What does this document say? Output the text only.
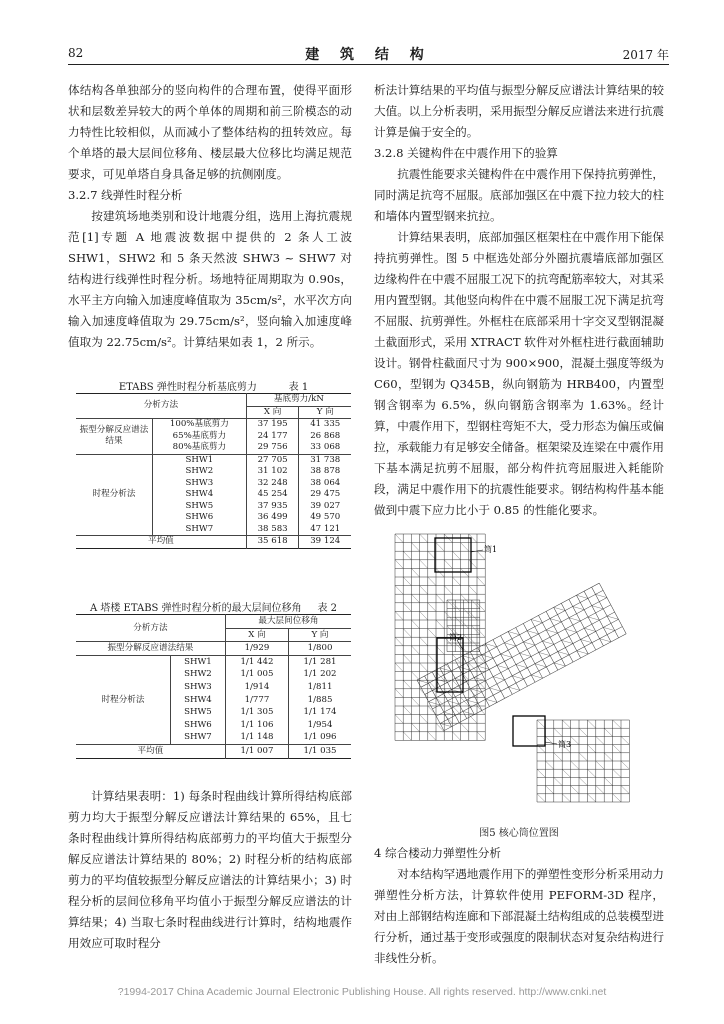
82	建 筑 结 构	2017 年

体结构各单独部分的竖向构件的合理布置，使得平面形状和层数差异较大的两个单体的周期和前三阶模态的动力特性比较相似，从而减小了整体结构的扭转效应。每个单塔的最大层间位移角、楼层最大位移比均满足规范要求，可见单塔自身具备足够的抗侧刚度。

3.2.7 线弹性时程分析

按建筑场地类别和设计地震分组，选用上海抗震规范[1]专题 A 地震波数据中提供的 2 条人工波 SHW1，SHW2 和 5 条天然波 SHW3 ~ SHW7 对结构进行线弹性时程分析。场地特征周期取为 0.90s，水平主方向输入加速度峰值取为 35cm/s²，水平次方向输入加速度峰值取为 29.75cm/s²，竖向输入加速度峰值取为 22.75cm/s²。计算结果如表 1，2 所示。

ETABS 弹性时程分析基底剪力	表 1

分析方法		基底剪力/kN	
		X 向	Y 向
振型分解反应谱法结果	100%基底剪力	37 195	41 335
	65%基底剪力	24 177	26 868
	80%基底剪力	29 756	33 068
时程分析法	SHW1	27 705	31 738
	SHW2	31 102	38 878
	SHW3	32 248	38 064
	SHW4	45 254	29 475
	SHW5	37 935	39 027
	SHW6	36 499	49 570
	SHW7	38 583	47 121
平均值		35 618	39 124

A 塔楼 ETABS 弹性时程分析的最大层间位移角 表 2

分析方法		最大层间位移角	
		X 向	Y 向
振型分解反应谱法结果		1/929	1/800
时程分析法	SHW1	1/1 442	1/1 281
	SHW2	1/1 005	1/1 202
	SHW3	1/914	1/811
	SHW4	1/777	1/885
	SHW5	1/1 305	1/1 174
	SHW6	1/1 106	1/954
	SHW7	1/1 148	1/1 096
平均值		1/1 007	1/1 035

计算结果表明：1) 每条时程曲线计算所得结构底部剪力均大于振型分解反应谱法计算结果的 65%，且七条时程曲线计算所得结构底部剪力的平均值大于振型分解反应谱法计算结果的 80%；2) 时程分析的结构底部剪力的平均值较振型分解反应谱法的计算结果小；3) 时程分析的层间位移角平均值小于振型分解反应谱法的计算结果；4) 当取七条时程曲线进行计算时，结构地震作用效应可取时程分

析法计算结果的平均值与振型分解反应谱法计算结果的较大值。以上分析表明，采用振型分解反应谱法来进行抗震计算是偏于安全的。

3.2.8 关键构件在中震作用下的验算

抗震性能要求关键构件在中震作用下保持抗剪弹性，同时满足抗弯不屈服。底部加强区在中震下拉力较大的柱和墙体内置型钢来抗拉。

计算结果表明，底部加强区框架柱在中震作用下能保持抗剪弹性。图 5 中框选处部分外圈抗震墙底部加强区边缘构件在中震不屈服工况下的抗弯配筋率较大，对其采用内置型钢。其他竖向构件在中震不屈服工况下满足抗弯不屈服、抗剪弹性。外框柱在底部采用十字交叉型钢混凝土截面形式，采用 XTRACT 软件对外框柱进行截面辅助设计。钢骨柱截面尺寸为 900×900，混凝土强度等级为 C60，型钢为 Q345B，纵向钢筋为 HRB400，内置型钢含钢率为 6.5%，纵向钢筋含钢率为 1.63%。经计算，中震作用下，型钢柱弯矩不大，受力形态为偏压或偏拉，承载能力有足够安全储备。框架梁及连梁在中震作用下基本满足抗剪不屈服，部分构件抗弯屈服进入耗能阶段，满足中震作用下的抗震性能要求。钢结构构件基本能做到中震下应力比小于 0.85 的性能化要求。

筒1
筒2
筒3
图5 核心筒位置图

4 综合楼动力弹塑性分析

对本结构罕遇地震作用下的弹塑性变形分析采用动力弹塑性分析方法，计算软件使用 PEFORM-3D 程序，对由上部钢结构连廊和下部混凝土结构组成的总装模型进行分析，通过基于变形或强度的限制状态对复杂结构进行非线性分析。

?1994-2017 China Academic Journal Electronic Publishing House. All rights reserved. http://www.cnki.net
